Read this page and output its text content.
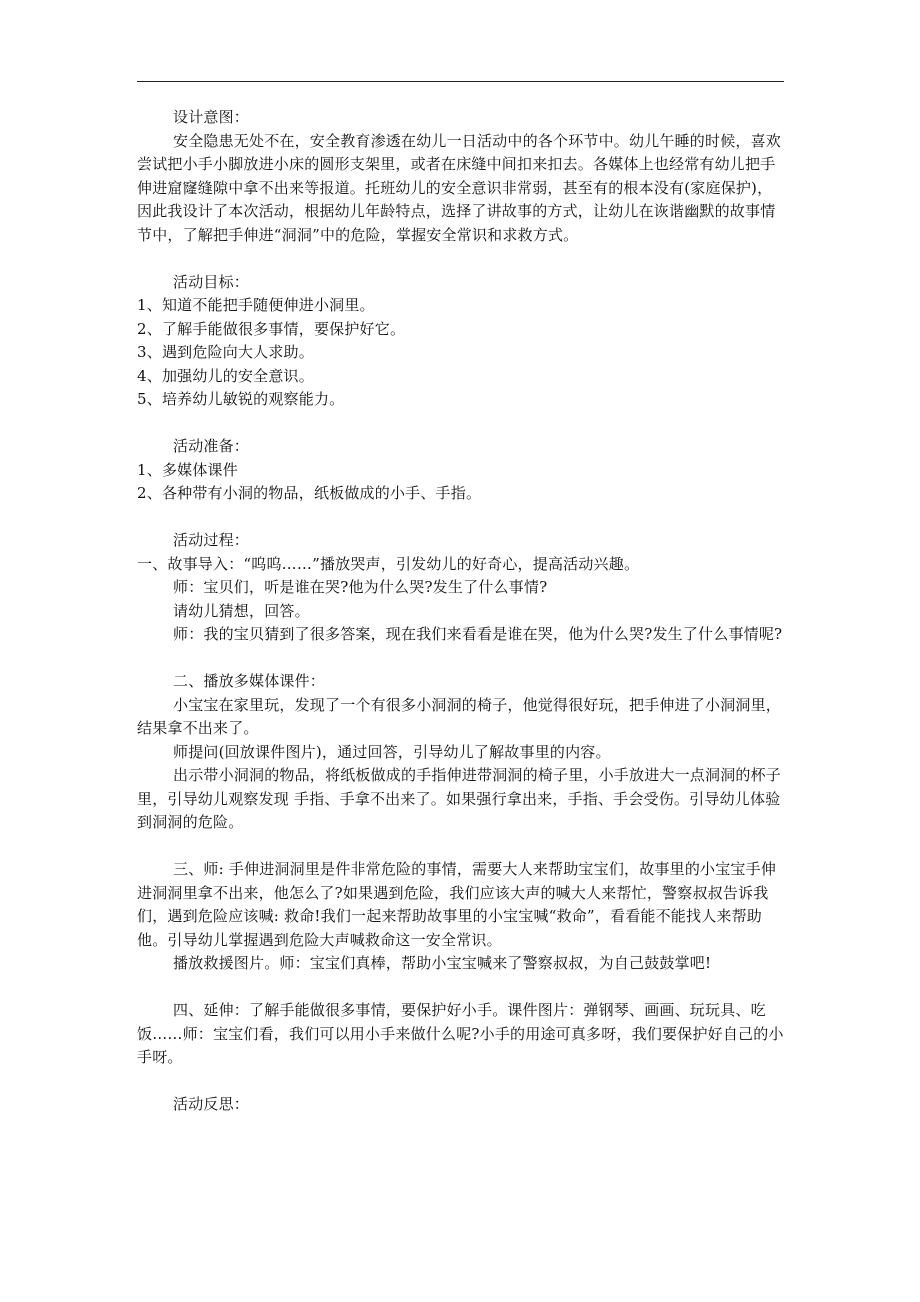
设计意图：

安全隐患无处不在，安全教育渗透在幼儿一日活动中的各个环节中。幼儿午睡的时候，喜欢尝试把小手小脚放进小床的圆形支架里，或者在床缝中间扣来扣去。各媒体上也经常有幼儿把手伸进窟窿缝隙中拿不出来等报道。托班幼儿的安全意识非常弱，甚至有的根本没有(家庭保护)，因此我设计了本次活动，根据幼儿年龄特点，选择了讲故事的方式，让幼儿在诙谐幽默的故事情节中，了解把手伸进“洞洞”中的危险，掌握安全常识和求救方式。

活动目标：

1、知道不能把手随便伸进小洞里。

2、了解手能做很多事情，要保护好它。

3、遇到危险向大人求助。

4、加强幼儿的安全意识。

5、培养幼儿敏锐的观察能力。

活动准备：

1、多媒体课件

2、各种带有小洞的物品，纸板做成的小手、手指。

活动过程：

一、故事导入：“呜呜……”播放哭声，引发幼儿的好奇心，提高活动兴趣。

师：宝贝们，听是谁在哭?他为什么哭?发生了什么事情?

请幼儿猜想，回答。

师：我的宝贝猜到了很多答案，现在我们来看看是谁在哭，他为什么哭?发生了什么事情呢?

二、播放多媒体课件：

小宝宝在家里玩，发现了一个有很多小洞洞的椅子，他觉得很好玩，把手伸进了小洞洞里，结果拿不出来了。

师提问(回放课件图片)，通过回答，引导幼儿了解故事里的内容。

出示带小洞洞的物品，将纸板做成的手指伸进带洞洞的椅子里，小手放进大一点洞洞的杯子里，引导幼儿观察发现 手指、手拿不出来了。如果强行拿出来，手指、手会受伤。引导幼儿体验到洞洞的危险。

三、师: 手伸进洞洞里是件非常危险的事情，需要大人来帮助宝宝们，故事里的小宝宝手伸进洞洞里拿不出来，他怎么了?如果遇到危险，我们应该大声的喊大人来帮忙，警察叔叔告诉我们，遇到危险应该喊: 救命!我们一起来帮助故事里的小宝宝喊“救命”，看看能不能找人来帮助他。引导幼儿掌握遇到危险大声喊救命这一安全常识。

播放救援图片。师：宝宝们真棒，帮助小宝宝喊来了警察叔叔，为自己鼓鼓掌吧!

四、延伸：了解手能做很多事情，要保护好小手。课件图片：弹钢琴、画画、玩玩具、吃饭……师：宝宝们看，我们可以用小手来做什么呢?小手的用途可真多呀，我们要保护好自己的小手呀。

活动反思：
